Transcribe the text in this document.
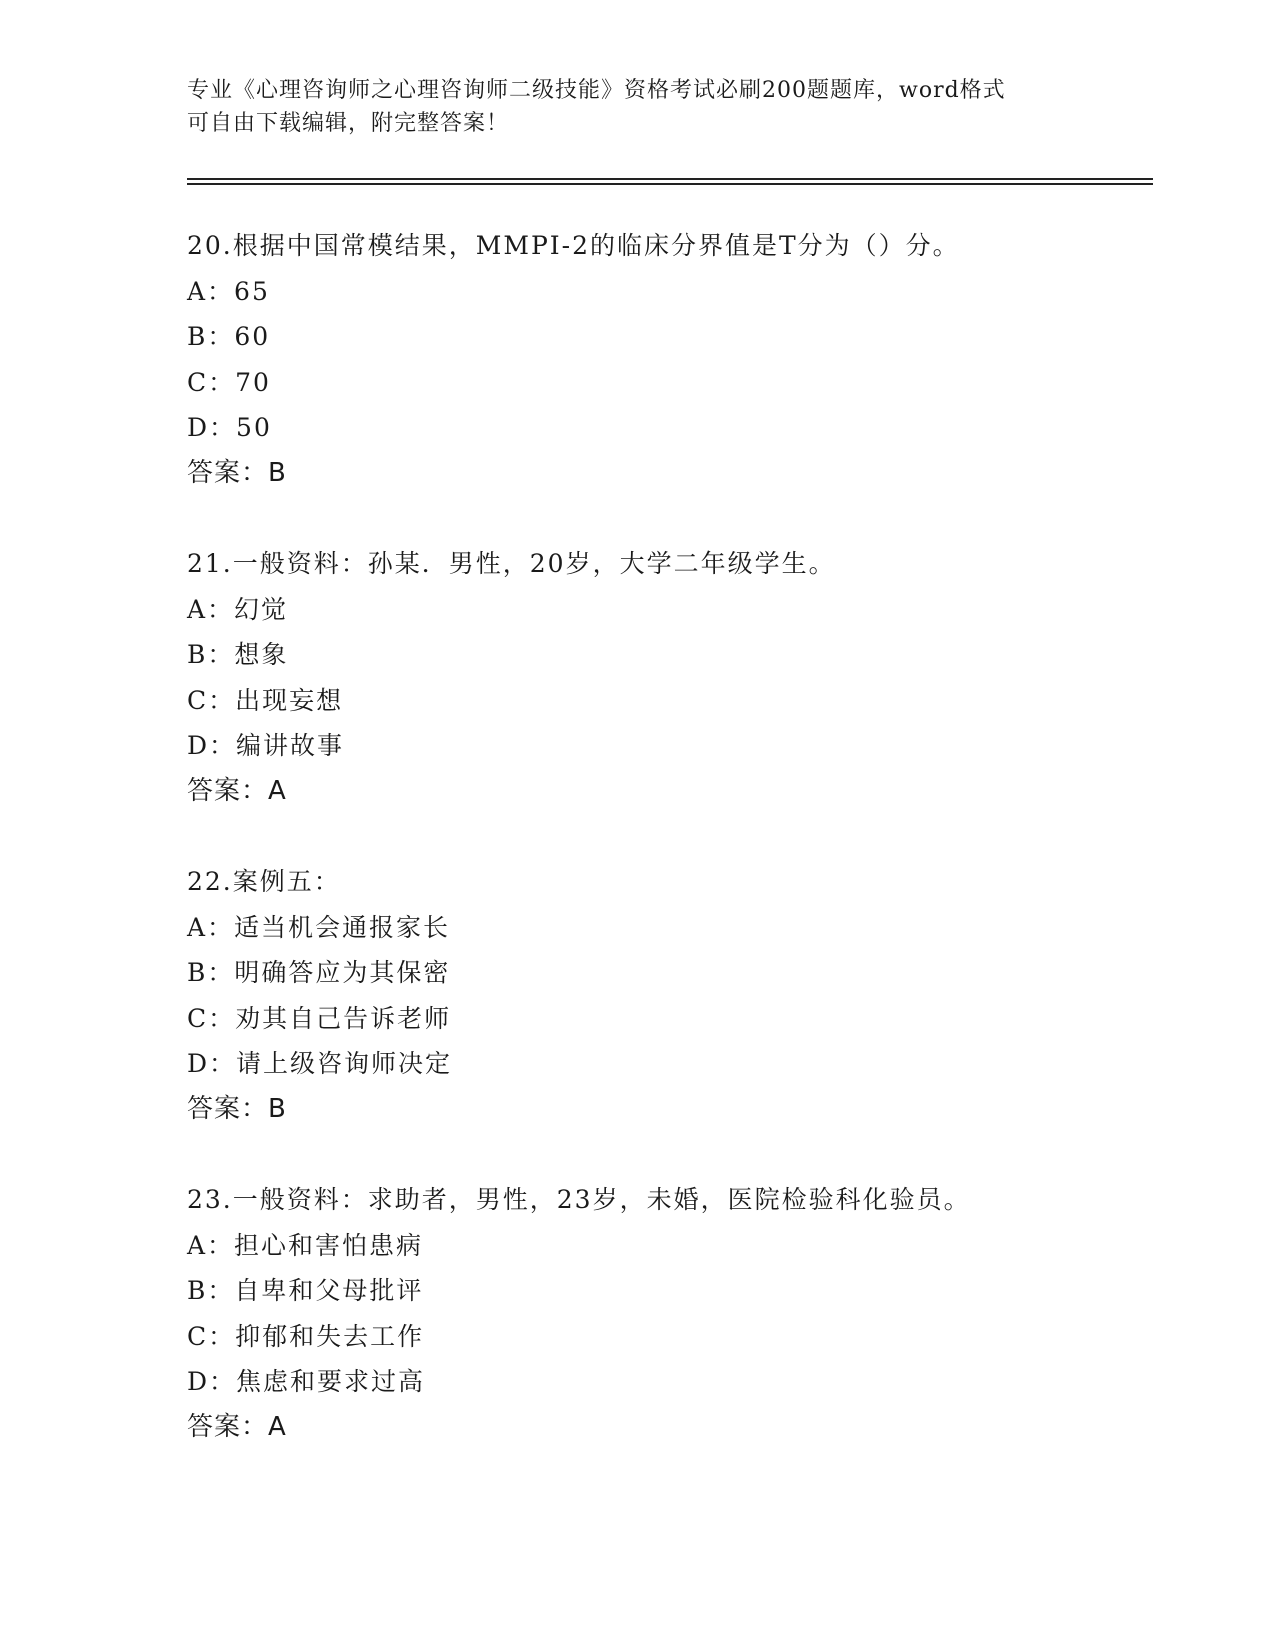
专业《心理咨询师之心理咨询师二级技能》资格考试必刷200题题库，word格式
可自由下载编辑，附完整答案！
20.根据中国常模结果，MMPI-2的临床分界值是T分为（）分。
A：65
B：60
C：70
D：50
答案：B
21.一般资料：孙某．男性，20岁，大学二年级学生。
A：幻觉
B：想象
C：出现妄想
D：编讲故事
答案：A
22.案例五：
A：适当机会通报家长
B：明确答应为其保密
C：劝其自己告诉老师
D：请上级咨询师决定
答案：B
23.一般资料：求助者，男性，23岁，未婚，医院检验科化验员。
A：担心和害怕患病
B：自卑和父母批评
C：抑郁和失去工作
D：焦虑和要求过高
答案：A
